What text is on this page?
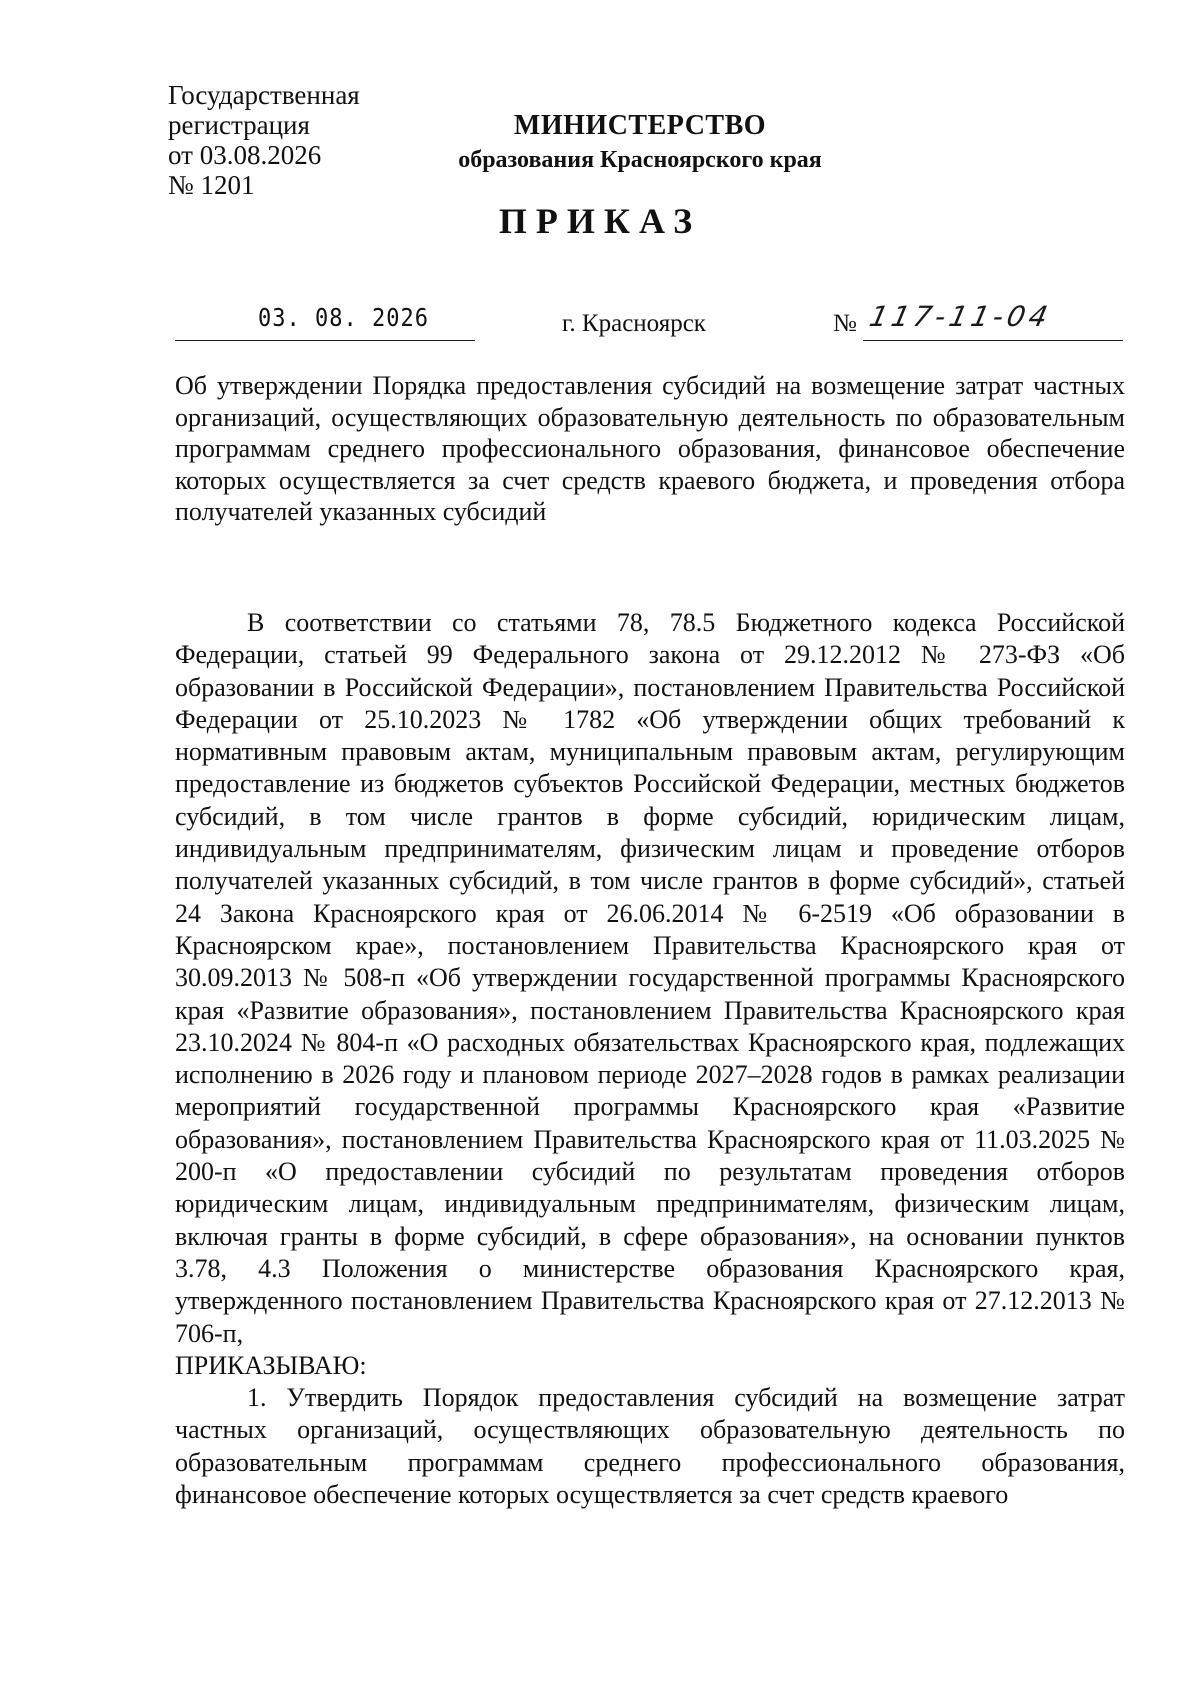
Государственная
регистрация
от 03.08.2026
№ 1201
МИНИСТЕРСТВО
образования Красноярского края
ПРИКАЗ
03. 08. 2026	г. Красноярск	№ 117-11-04
Об утверждении Порядка предоставления субсидий на возмещение затрат частных организаций, осуществляющих образовательную деятельность по образовательным программам среднего профессионального образования, финансовое обеспечение которых осуществляется за счет средств краевого бюджета, и проведения отбора получателей указанных субсидий

В соответствии со статьями 78, 78.5 Бюджетного кодекса Российской Федерации, статьей 99 Федерального закона от 29.12.2012 № 273-ФЗ «Об образовании в Российской Федерации», постановлением Правительства Российской Федерации от 25.10.2023 № 1782 «Об утверждении общих требований к нормативным правовым актам, муниципальным правовым актам, регулирующим предоставление из бюджетов субъектов Российской Федерации, местных бюджетов субсидий, в том числе грантов в форме субсидий, юридическим лицам, индивидуальным предпринимателям, физическим лицам и проведение отборов получателей указанных субсидий, в том числе грантов в форме субсидий», статьей 24 Закона Красноярского края от 26.06.2014 № 6-2519 «Об образовании в Красноярском крае», постановлением Правительства Красноярского края от 30.09.2013 № 508-п «Об утверждении государственной программы Красноярского края «Развитие образования», постановлением Правительства Красноярского края 23.10.2024 № 804-п «О расходных обязательствах Красноярского края, подлежащих исполнению в 2026 году и плановом периоде 2027–2028 годов в рамках реализации мероприятий государственной программы Красноярского края «Развитие образования», постановлением Правительства Красноярского края от 11.03.2025 № 200-п «О предоставлении субсидий по результатам проведения отборов юридическим лицам, индивидуальным предпринимателям, физическим лицам, включая гранты в форме субсидий, в сфере образования», на основании пунктов 3.78, 4.3 Положения о министерстве образования Красноярского края, утвержденного постановлением Правительства Красноярского края от 27.12.2013 № 706-п,

ПРИКАЗЫВАЮ:

1. Утвердить Порядок предоставления субсидий на возмещение затрат частных организаций, осуществляющих образовательную деятельность по образовательным программам среднего профессионального образования, финансовое обеспечение которых осуществляется за счет средств краевого
